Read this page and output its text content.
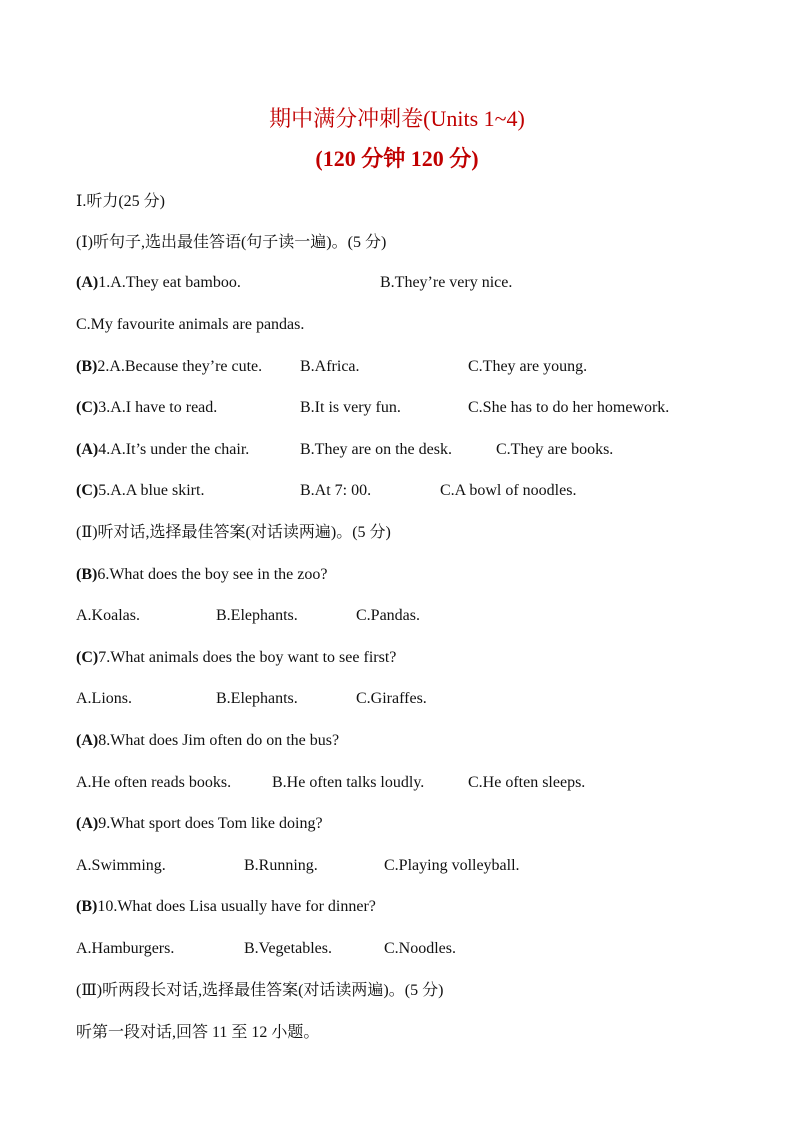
期中满分冲刺卷(Units 1~4)
(120 分钟 120 分)
Ⅰ.听力(25 分)
(Ⅰ)听句子,选出最佳答语(句子读一遍)。(5 分)
(A)1.A.They eat bamboo.	B.They’re very nice.
C.My favourite animals are pandas.
(B)2.A.Because they’re cute. B.Africa.	C.They are young.
(C)3.A.I have to read.	B.It is very fun.	C.She has to do her homework.
(A)4.A.It’s under the chair.	B.They are on the desk.	C.They are books.
(C)5.A.A blue skirt.	B.At 7: 00.	C.A bowl of noodles.
(Ⅱ)听对话,选择最佳答案(对话读两遍)。(5 分)
(B)6.What does the boy see in the zoo?
A.Koalas.	B.Elephants.	C.Pandas.
(C)7.What animals does the boy want to see first?
A.Lions.	B.Elephants.	C.Giraffes.
(A)8.What does Jim often do on the bus?
A.He often reads books.	B.He often talks loudly.	C.He often sleeps.
(A)9.What sport does Tom like doing?
A.Swimming.	B.Running.	C.Playing volleyball.
(B)10.What does Lisa usually have for dinner?
A.Hamburgers.	B.Vegetables.	C.Noodles.
(Ⅲ)听两段长对话,选择最佳答案(对话读两遍)。(5 分)
听第一段对话,回答 11 至 12 小题。
